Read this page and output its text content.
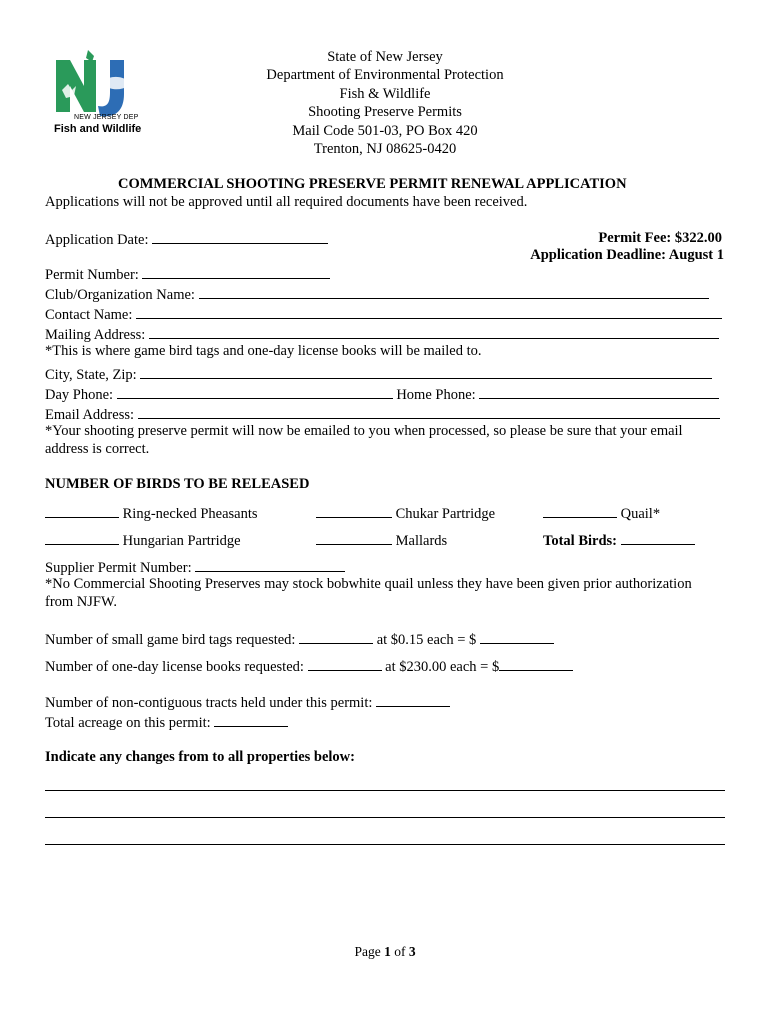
NEW JERSEY DEP
Fish and Wildlife
State of New Jersey
Department of Environmental Protection
Fish & Wildlife
Shooting Preserve Permits
Mail Code 501-03, PO Box 420
Trenton, NJ 08625-0420
COMMERCIAL SHOOTING PRESERVE PERMIT RENEWAL APPLICATION
Applications will not be approved until all required documents have been received.
Application Date:	Permit Fee: $322.00
Application Deadline: August 1
Permit Number:
Club/Organization Name:
Contact Name:
Mailing Address:
*This is where game bird tags and one-day license books will be mailed to.
City, State, Zip:
Day Phone:	Home Phone:
Email Address:
*Your shooting preserve permit will now be emailed to you when processed, so please be sure that your email
address is correct.
NUMBER OF BIRDS TO BE RELEASED
Ring-necked Pheasants	Chukar Partridge	Quail*
Hungarian Partridge	Mallards	Total Birds:
Supplier Permit Number:
*No Commercial Shooting Preserves may stock bobwhite quail unless they have been given prior authorization
from NJFW.
Number of small game bird tags requested:	at $0.15 each = $
Number of one-day license books requested:	at $230.00 each = $
Number of non-contiguous tracts held under this permit:
Total acreage on this permit:
Indicate any changes from to all properties below:
Page 1 of 3
